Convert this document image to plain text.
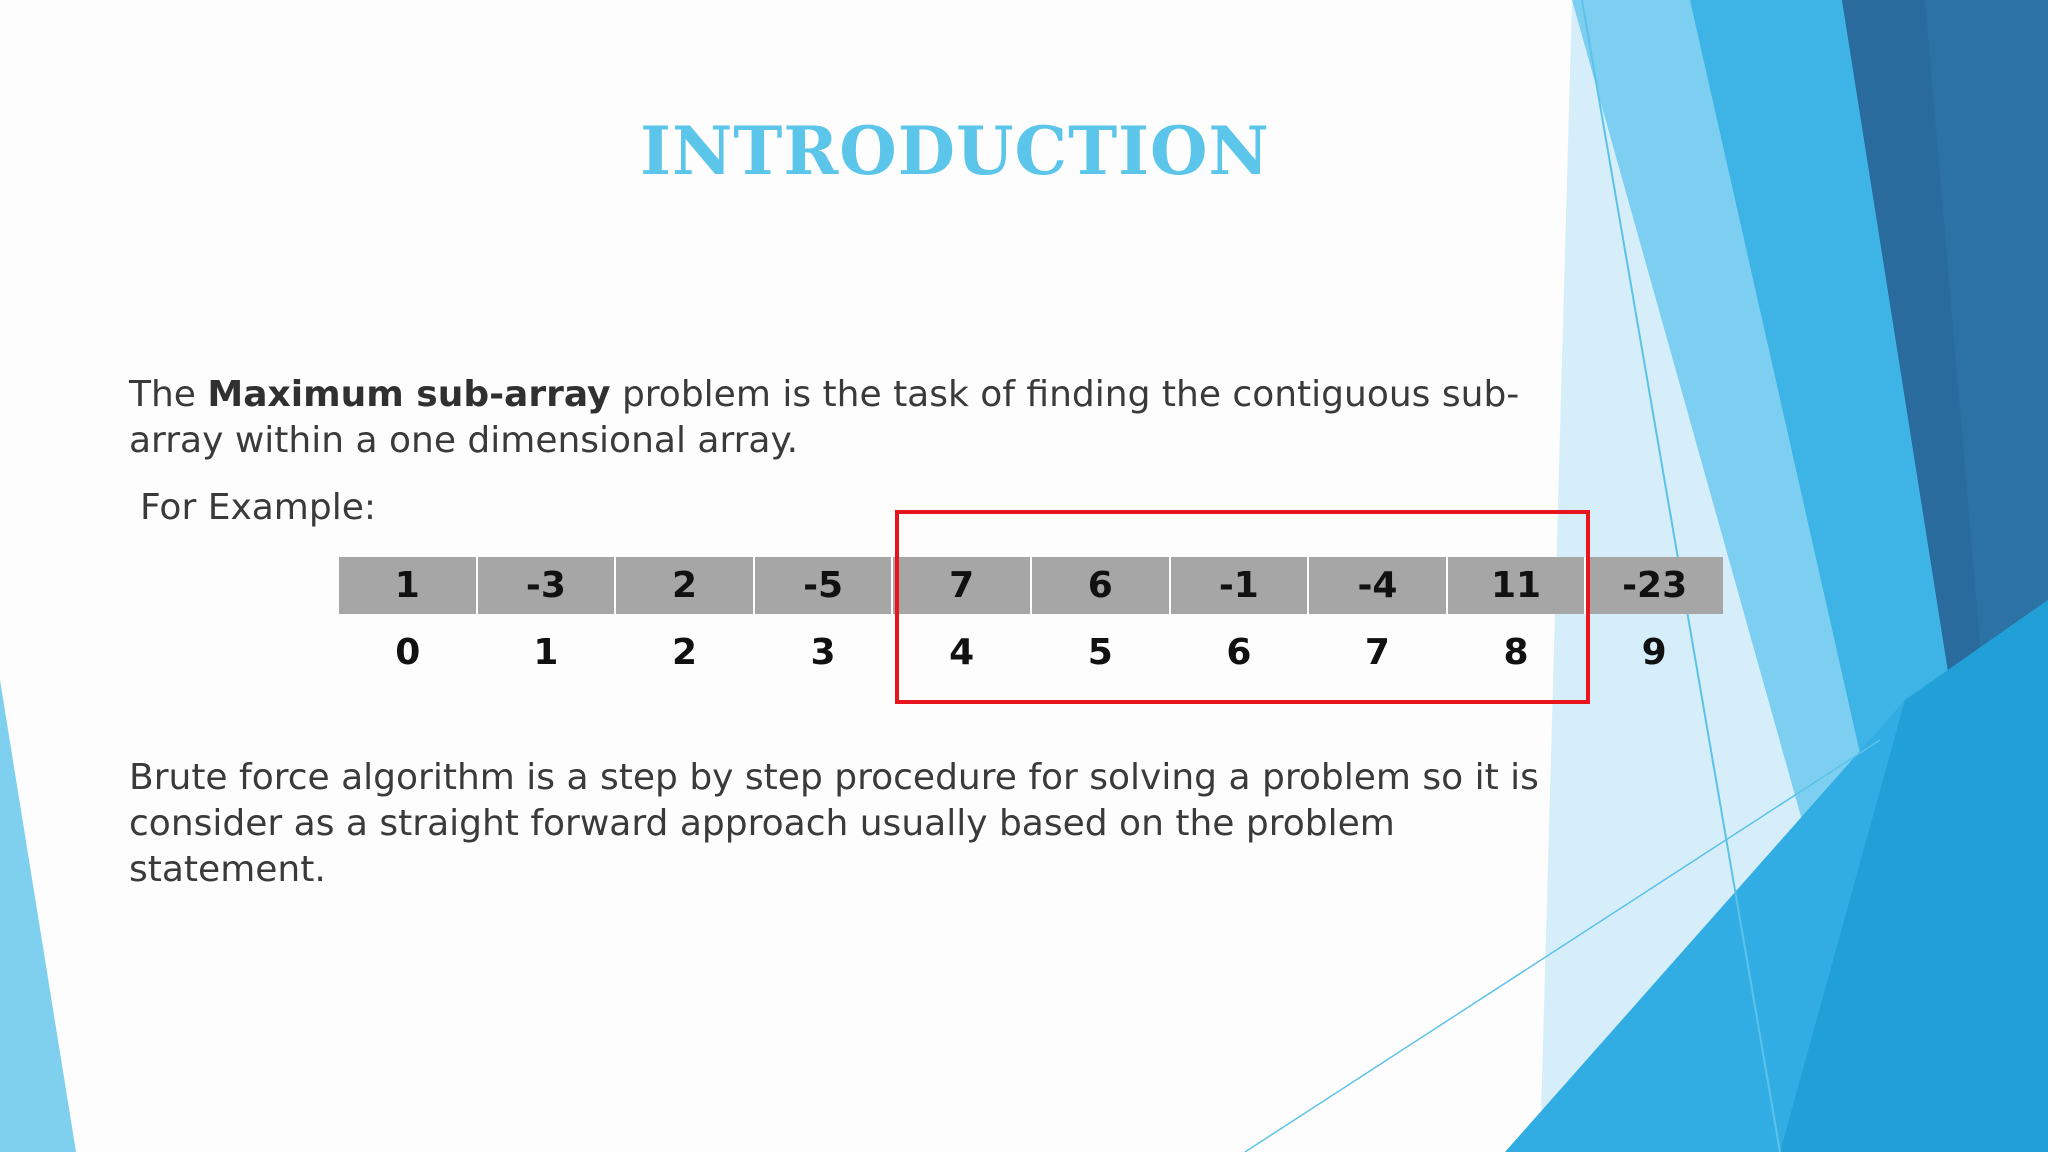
INTRODUCTION
The Maximum sub-array problem is the task of finding the contiguous sub-array within a one dimensional array.
For Example:
1	-3	2	-5	7	6	-1	-4	11	-23
0	1	2	3	4	5	6	7	8	9
Brute force algorithm is a step by step procedure for solving a problem so it is consider as a straight forward approach usually based on the problem statement.
